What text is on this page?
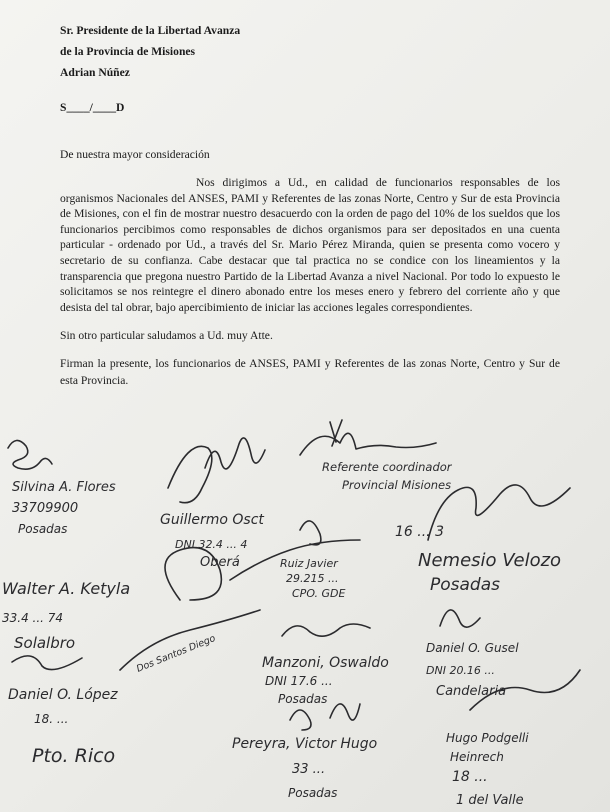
Sr. Presidente de la Libertad Avanza
de la Provincia de Misiones
Adrian Núñez
S____/____D
De nuestra mayor consideración
Nos dirigimos a Ud., en calidad de funcionarios responsables de los organismos Nacionales del ANSES, PAMI y Referentes de las zonas Norte, Centro y Sur de esta Provincia de Misiones, con el fin de mostrar nuestro desacuerdo con la orden de pago del 10% de los sueldos que los funcionarios percibimos como responsables de dichos organismos para ser depositados en una cuenta particular - ordenado por Ud., a través del Sr. Mario Pérez Miranda, quien se presenta como vocero y secretario de su confianza. Cabe destacar que tal practica no se condice con los lineamientos y la transparencia que pregona nuestro Partido de la Libertad Avanza a nivel Nacional. Por todo lo expuesto le solicitamos se nos reintegre el dinero abonado entre los meses enero y febrero del corriente año y que desista del tal obrar, bajo apercibimiento de iniciar las acciones legales correspondientes.
Sin otro particular saludamos a Ud. muy Atte.
Firman la presente, los funcionarios de ANSES, PAMI y Referentes de las zonas Norte, Centro y Sur de esta Provincia.
Silvina A. Flores
33709900
Posadas
Guillermo Osct
DNI 32.4 ... 4
Oberá
Referente coordinador
Provincial Misiones
16 ... 3
Nemesio Velozo
Posadas
Walter A. Ketyla
33.4 ... 74
Solalbro
Ruiz Javier
29.215 ...
CPO. GDE
Dos Santos Diego	Manzoni, Oswaldo
DNI 17.6 ...
Posadas
Daniel O. Gusel
DNI 20.16 ...
Candelaria
Daniel O. López
18. ...
Pto. Rico
Pereyra, Victor Hugo
33 ...
Posadas
Hugo Podgelli
Heinrech
18 ...
1 del Valle
